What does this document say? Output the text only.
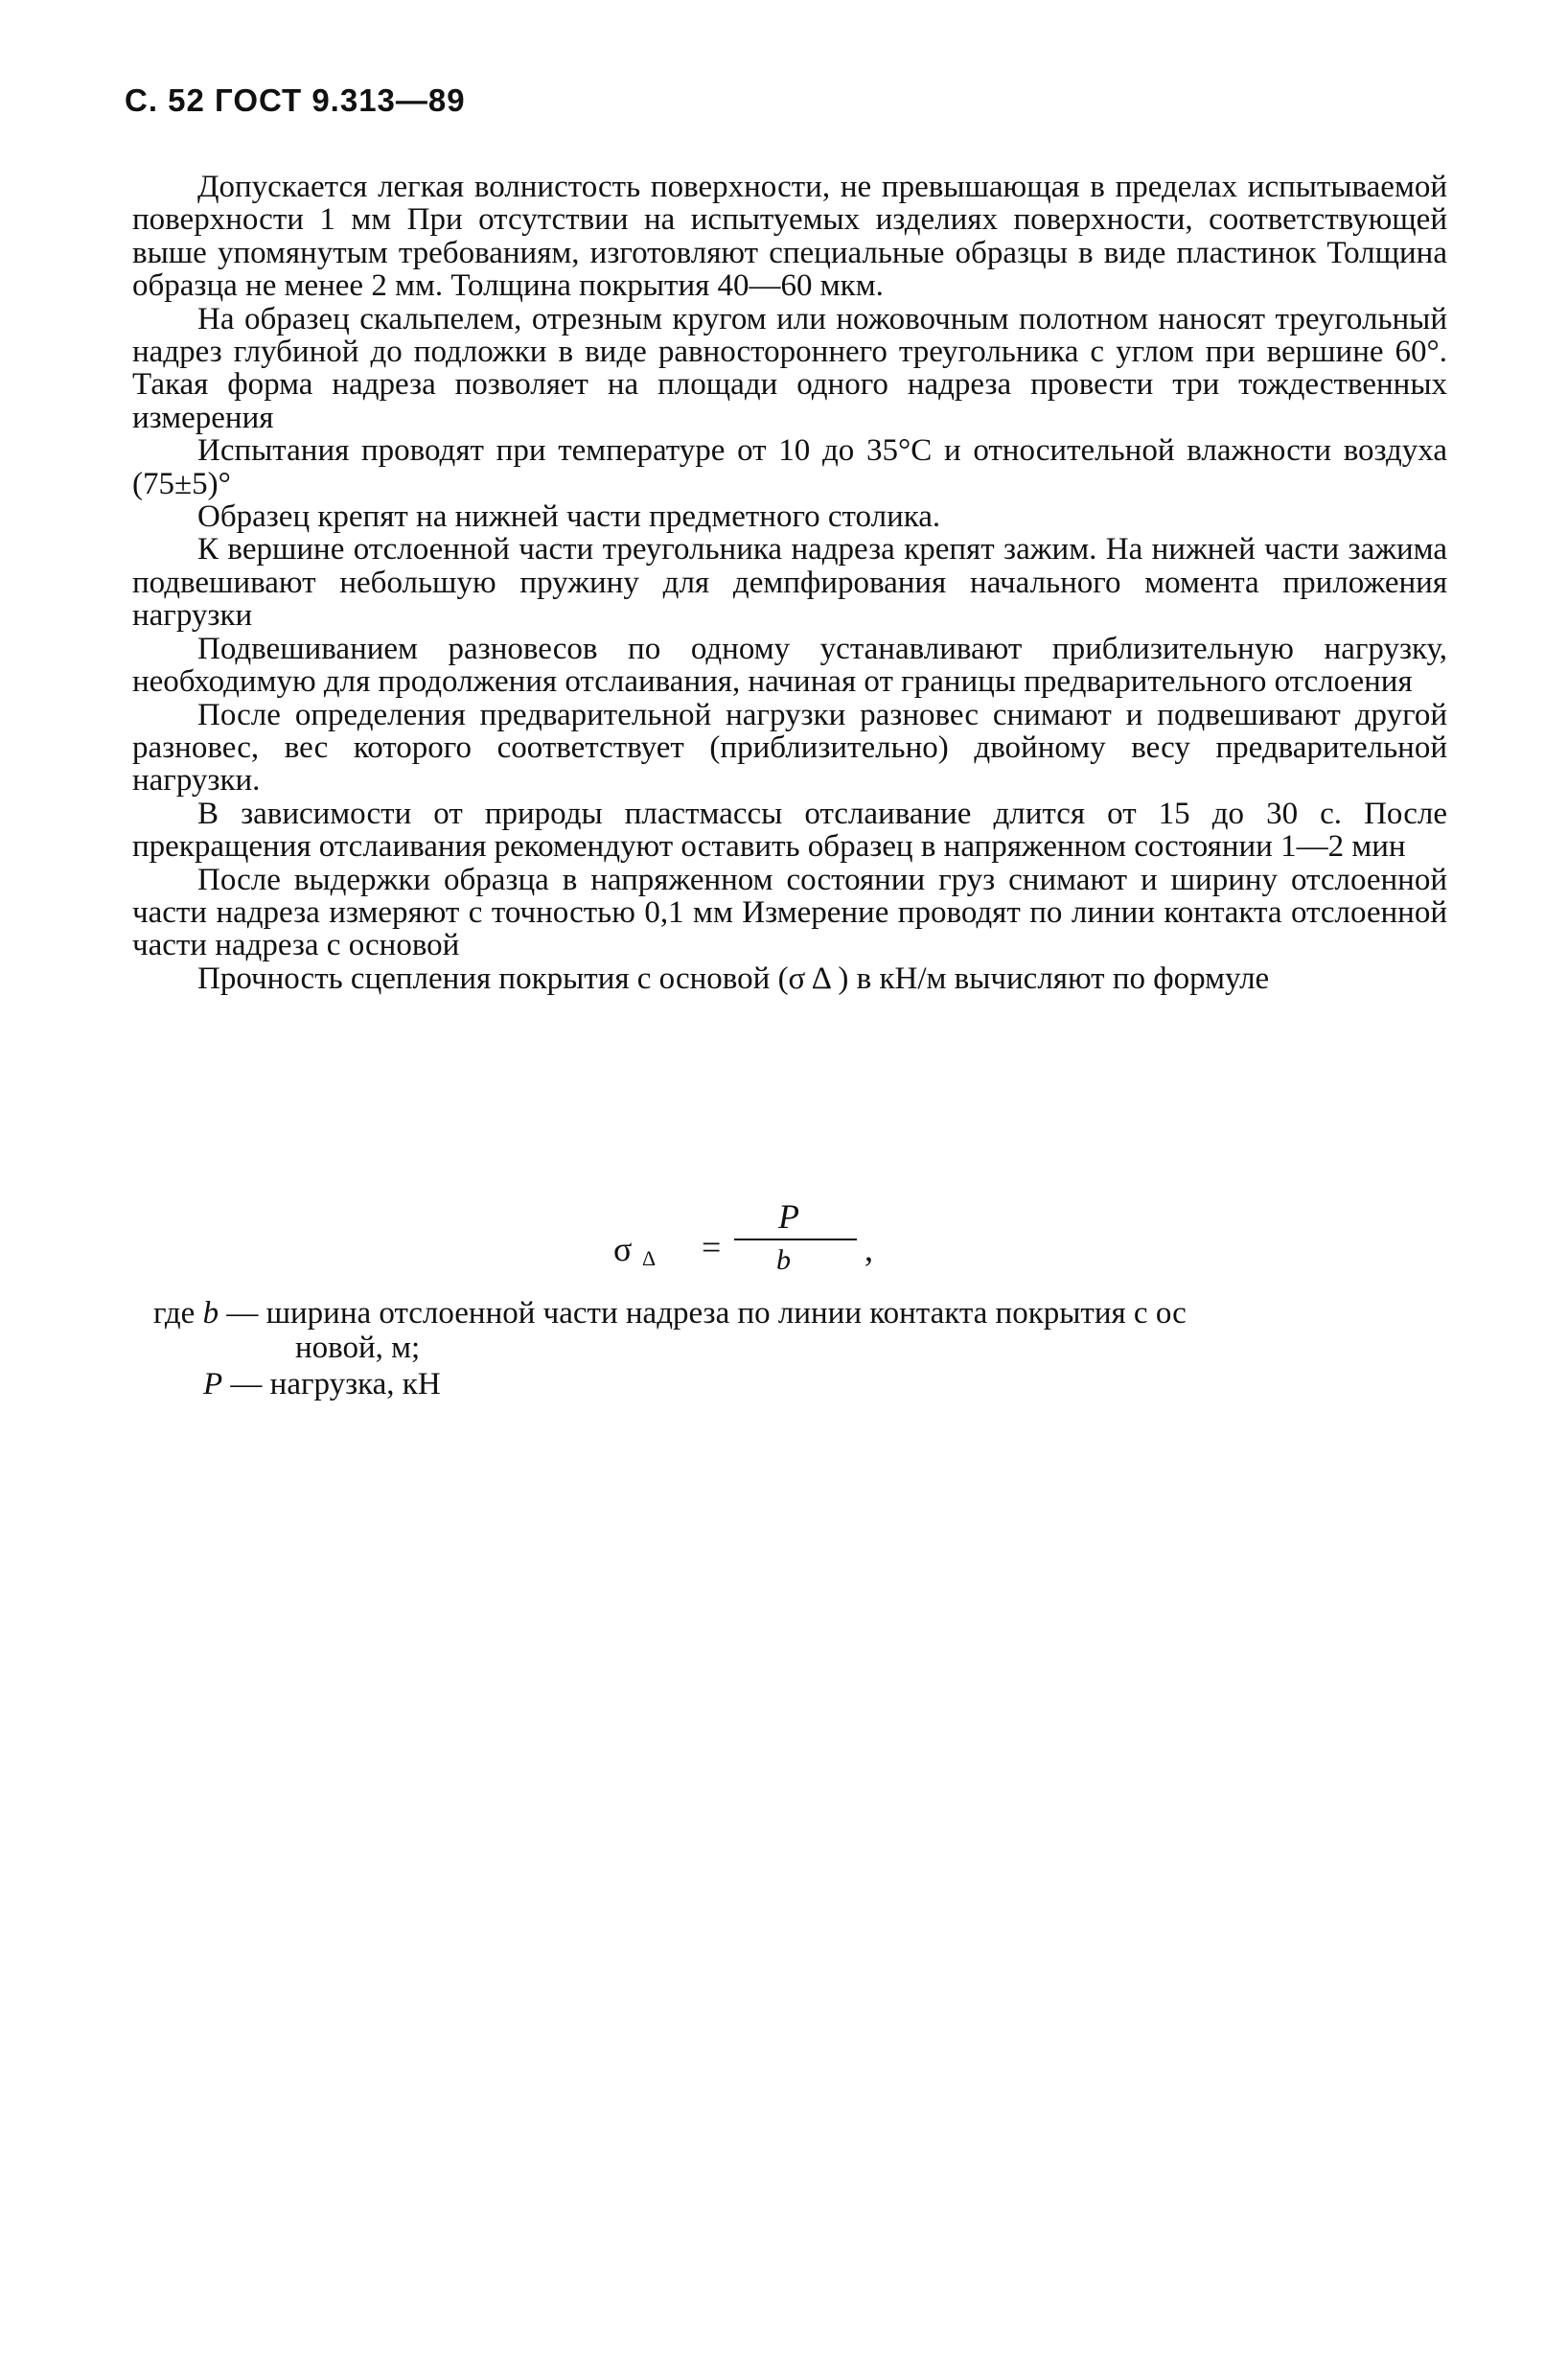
С. 52 ГОСТ 9.313—89

Допускается легкая волнистость поверхности, не превышающая в пределах испытываемой поверхности 1 мм При отсутствии на испытуемых изделиях поверхности, соответствующей выше упомянутым требованиям, изготовляют специальные образцы в виде пластинок Толщина образца не менее 2 мм. Толщина покрытия 40—60 мкм.

На образец скальпелем, отрезным кругом или ножовочным полотном наносят треугольный надрез глубиной до подложки в виде равностороннего треугольника с углом при вершине 60°. Такая форма надреза позволяет на площади одного надреза провести три тождественных измерения

Испытания проводят при температуре от 10 до 35°С и относительной влажности воздуха (75±5)°

Образец крепят на нижней части предметного столика.

К вершине отслоенной части треугольника надреза крепят зажим. На нижней части зажима подвешивают небольшую пружину для демпфирования начального момента приложения нагрузки

Подвешиванием разновесов по одному устанавливают приблизительную нагрузку, необходимую для продолжения отслаивания, начиная от границы предварительного отслоения

После определения предварительной нагрузки разновес снимают и подвешивают другой разновес, вес которого соответствует (приблизительно) двойному весу предварительной нагрузки.

В зависимости от природы пластмассы отслаивание длится от 15 до 30 с. После прекращения отслаивания рекомендуют оставить образец в напряженном состоянии 1—2 мин

После выдержки образца в напряженном состоянии груз снимают и ширину отслоенной части надреза измеряют с точностью 0,1 мм Измерение проводят по линии контакта отслоенной части надреза с основой

Прочность сцепления покрытия с основой (σ Δ ) в кН/м вычисляют по формуле

σ Δ =
P
b ,
где b — ширина отслоенной части надреза по линии контакта покрытия с ос
новой, м;
P — нагрузка, кН
